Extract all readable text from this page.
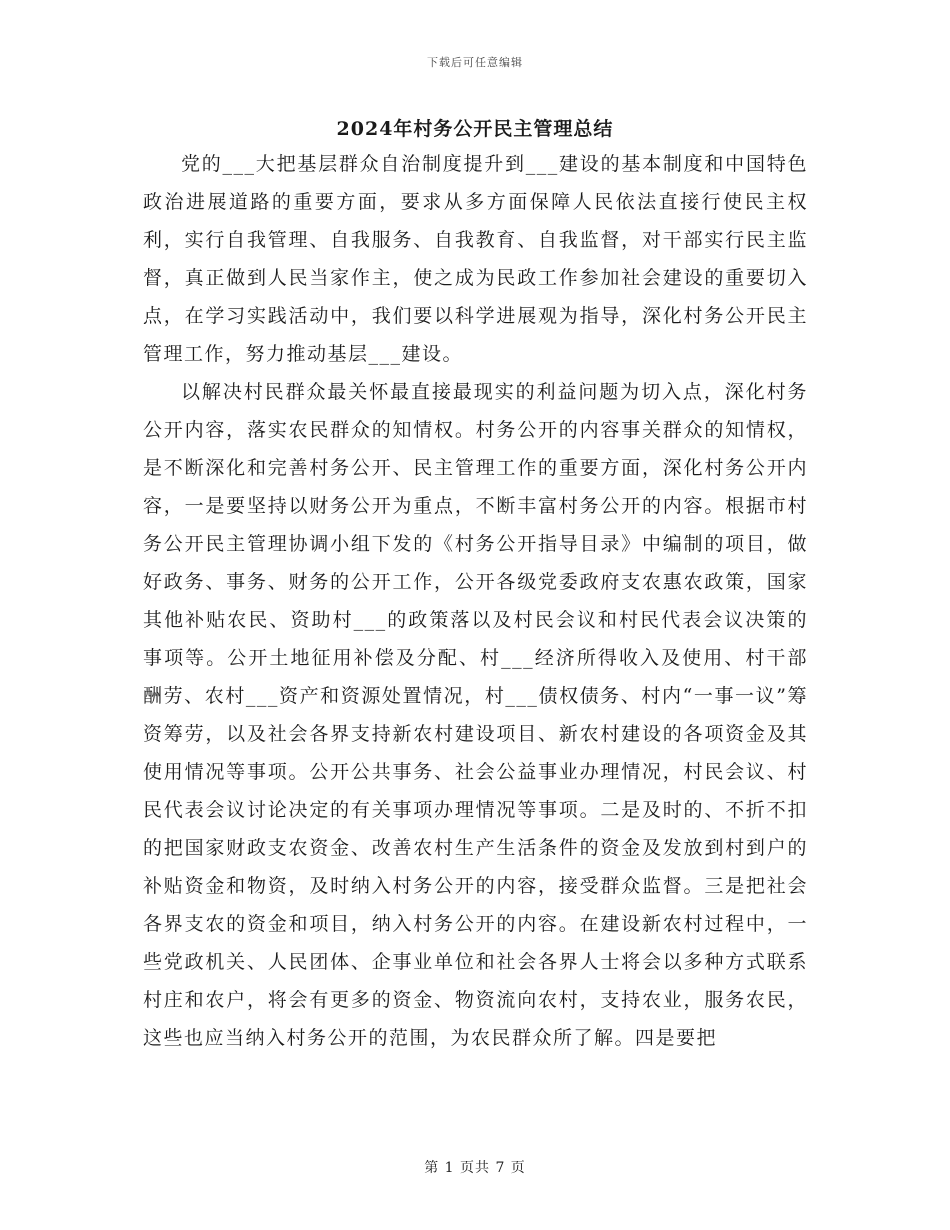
下载后可任意编辑
2024年村务公开民主管理总结

党的___大把基层群众自治制度提升到___建设的基本制度和中国特色政治进展道路的重要方面，要求从多方面保障人民依法直接行使民主权利，实行自我管理、自我服务、自我教育、自我监督，对干部实行民主监督，真正做到人民当家作主，使之成为民政工作参加社会建设的重要切入点，在学习实践活动中，我们要以科学进展观为指导，深化村务公开民主管理工作，努力推动基层___建设。

以解决村民群众最关怀最直接最现实的利益问题为切入点，深化村务公开内容，落实农民群众的知情权。村务公开的内容事关群众的知情权，是不断深化和完善村务公开、民主管理工作的重要方面，深化村务公开内容，一是要坚持以财务公开为重点，不断丰富村务公开的内容。根据市村务公开民主管理协调小组下发的《村务公开指导目录》中编制的项目，做好政务、事务、财务的公开工作，公开各级党委政府支农惠农政策，国家其他补贴农民、资助村___的政策落以及村民会议和村民代表会议决策的事项等。公开土地征用补偿及分配、村___经济所得收入及使用、村干部酬劳、农村___资产和资源处置情况，村___债权债务、村内“一事一议”筹资筹劳，以及社会各界支持新农村建设项目、新农村建设的各项资金及其使用情况等事项。公开公共事务、社会公益事业办理情况，村民会议、村民代表会议讨论决定的有关事项办理情况等事项。二是及时的、不折不扣的把国家财政支农资金、改善农村生产生活条件的资金及发放到村到户的补贴资金和物资，及时纳入村务公开的内容，接受群众监督。三是把社会各界支农的资金和项目，纳入村务公开的内容。在建设新农村过程中，一些党政机关、人民团体、企事业单位和社会各界人士将会以多种方式联系村庄和农户，将会有更多的资金、物资流向农村，支持农业，服务农民，这些也应当纳入村务公开的范围，为农民群众所了解。四是要把

第 1 页共 7 页
